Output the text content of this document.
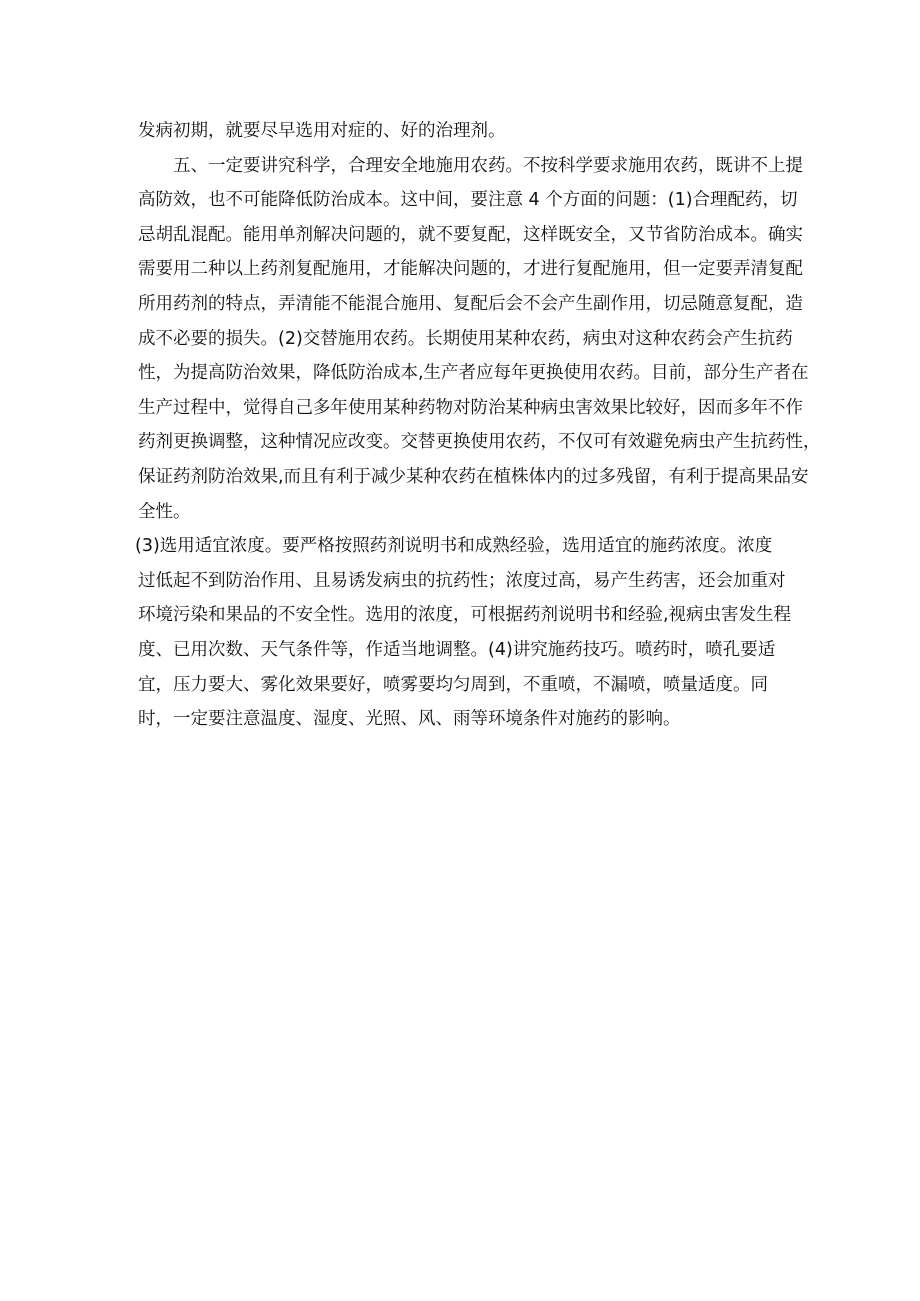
发病初期，就要尽早选用对症的、好的治理剂。
五、一定要讲究科学，合理安全地施用农药。不按科学要求施用农药，既讲不上提
高防效，也不可能降低防治成本。这中间，要注意 4 个方面的问题：(1)合理配药，切
忌胡乱混配。能用单剂解决问题的，就不要复配，这样既安全，又节省防治成本。确实
需要用二种以上药剂复配施用，才能解决问题的，才进行复配施用，但一定要弄清复配
所用药剂的特点，弄清能不能混合施用、复配后会不会产生副作用，切忌随意复配，造
成不必要的损失。(2)交替施用农药。长期使用某种农药，病虫对这种农药会产生抗药
性，为提高防治效果，降低防治成本,生产者应每年更换使用农药。目前，部分生产者在
生产过程中，觉得自己多年使用某种药物对防治某种病虫害效果比较好，因而多年不作
药剂更换调整，这种情况应改变。交替更换使用农药，不仅可有效避免病虫产生抗药性，
保证药剂防治效果,而且有利于减少某种农药在植株体内的过多残留，有利于提高果品安
全性。
(3)选用适宜浓度。要严格按照药剂说明书和成熟经验，选用适宜的施药浓度。浓度
过低起不到防治作用、且易诱发病虫的抗药性；浓度过高，易产生药害，还会加重对
环境污染和果品的不安全性。选用的浓度，可根据药剂说明书和经验,视病虫害发生程
度、已用次数、天气条件等，作适当地调整。(4)讲究施药技巧。喷药时，喷孔要适
宜，压力要大、雾化效果要好，喷雾要均匀周到，不重喷，不漏喷，喷量适度。同
时，一定要注意温度、湿度、光照、风、雨等环境条件对施药的影响。
